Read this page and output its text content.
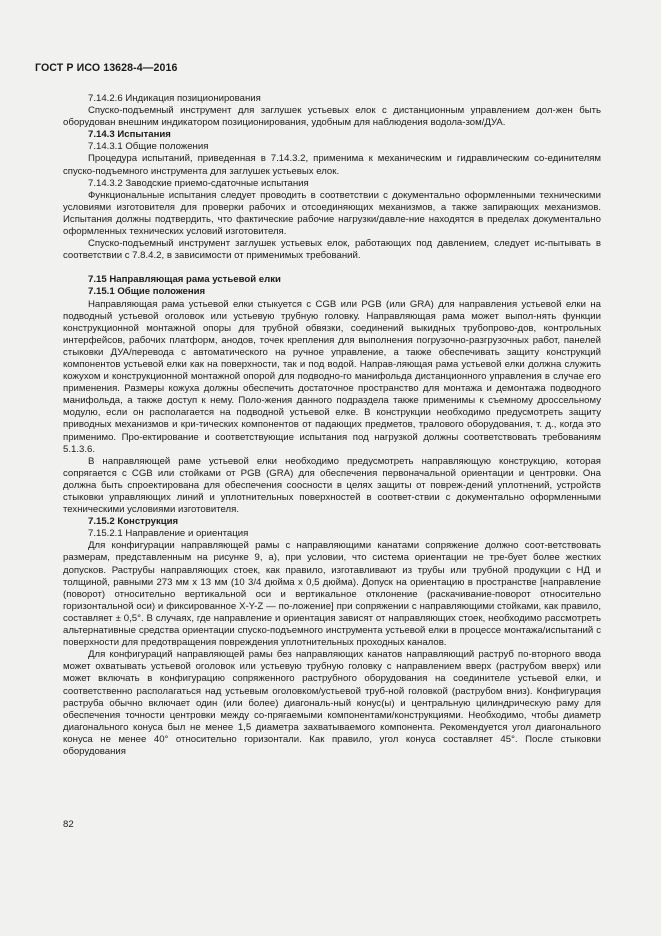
ГОСТ Р ИСО 13628-4—2016

7.14.2.6 Индикация позиционирования

Спуско-подъемный инструмент для заглушек устьевых елок с дистанционным управлением дол-жен быть оборудован внешним индикатором позиционирования, удобным для наблюдения водола-зом/ДУА.

7.14.3 Испытания

7.14.3.1 Общие положения

Процедура испытаний, приведенная в 7.14.3.2, применима к механическим и гидравлическим со-единителям спуско-подъемного инструмента для заглушек устьевых елок.

7.14.3.2 Заводские приемо-сдаточные испытания

Функциональные испытания следует проводить в соответствии с документально оформленными техническими условиями изготовителя для проверки рабочих и отсоединяющих механизмов, а также запирающих механизмов. Испытания должны подтвердить, что фактические рабочие нагрузки/давле-ние находятся в пределах документально оформленных технических условий изготовителя.

Спуско-подъемный инструмент заглушек устьевых елок, работающих под давлением, следует ис-пытывать в соответствии с 7.8.4.2, в зависимости от применимых требований.

7.15 Направляющая рама устьевой елки

7.15.1 Общие положения

Направляющая рама устьевой елки стыкуется с CGB или PGB (или GRA) для направления устьевой елки на подводный устьевой оголовок или устьевую трубную головку. Направляющая рама может выпол-нять функции конструкционной монтажной опоры для трубной обвязки, соединений выкидных трубопрово-дов, контрольных интерфейсов, рабочих платформ, анодов, точек крепления для выполнения погрузочно-разгрузочных работ, панелей стыковки ДУА/перевода с автоматического на ручное управление, а также обеспечивать защиту конструкций компонентов устьевой елки как на поверхности, так и под водой. Направ-ляющая рама устьевой елки должна служить кожухом и конструкционной монтажной опорой для подводно-го манифольда дистанционного управления в случае его применения. Размеры кожуха должны обеспечить достаточное пространство для монтажа и демонтажа подводного манифольда, а также доступ к нему. Поло-жения данного подраздела также применимы к съемному дроссельному модулю, если он располагается на подводной устьевой елке. В конструкции необходимо предусмотреть защиту приводных механизмов и кри-тических компонентов от падающих предметов, тралового оборудования, т. д., когда это применимо. Про-ектирование и соответствующие испытания под нагрузкой должны соответствовать требованиям 5.1.3.6.

В направляющей раме устьевой елки необходимо предусмотреть направляющую конструкцию, которая сопрягается с CGB или стойками от PGB (GRA) для обеспечения первоначальной ориентации и центровки. Она должна быть спроектирована для обеспечения соосности в целях защиты от повреж-дений уплотнений, устройств стыковки управляющих линий и уплотнительных поверхностей в соответ-ствии с документально оформленными техническими условиями изготовителя.

7.15.2 Конструкция

7.15.2.1 Направление и ориентация

Для конфигурации направляющей рамы с направляющими канатами сопряжение должно соот-ветствовать размерам, представленным на рисунке 9, а), при условии, что система ориентации не тре-бует более жестких допусков. Раструбы направляющих стоек, как правило, изготавливают из трубы или трубной продукции с НД и толщиной, равными 273 мм х 13 мм (10 3/4 дюйма х 0,5 дюйма). Допуск на ориентацию в пространстве [направление (поворот) относительно вертикальной оси и вертикальное отклонение (раскачивание-поворот относительно горизонтальной оси) и фиксированное X-Y-Z — по-ложение] при сопряжении с направляющими стойками, как правило, составляет ± 0,5°. В случаях, где направление и ориентация зависят от направляющих стоек, необходимо рассмотреть альтернативные средства ориентации спуско-подъемного инструмента устьевой елки в процессе монтажа/испытаний с поверхности для предотвращения повреждения уплотнительных проходных каналов.

Для конфигураций направляющей рамы без направляющих канатов направляющий раструб по-вторного ввода может охватывать устьевой оголовок или устьевую трубную головку с направлением вверх (раструбом вверх) или может включать в конфигурацию сопряженного раструбного оборудования на соединителе устьевой елки, и соответственно располагаться над устьевым оголовком/устьевой труб-ной головкой (раструбом вниз). Конфигурация раструба обычно включает один (или более) диагональ-ный конус(ы) и центральную цилиндрическую раму для обеспечения точности центровки между со-прягаемыми компонентами/конструкциями. Необходимо, чтобы диаметр диагонального конуса был не менее 1,5 диаметра захватываемого компонента. Рекомендуется угол диагонального конуса не менее 40° относительно горизонтали. Как правило, угол конуса составляет 45°. После стыковки оборудования

82
